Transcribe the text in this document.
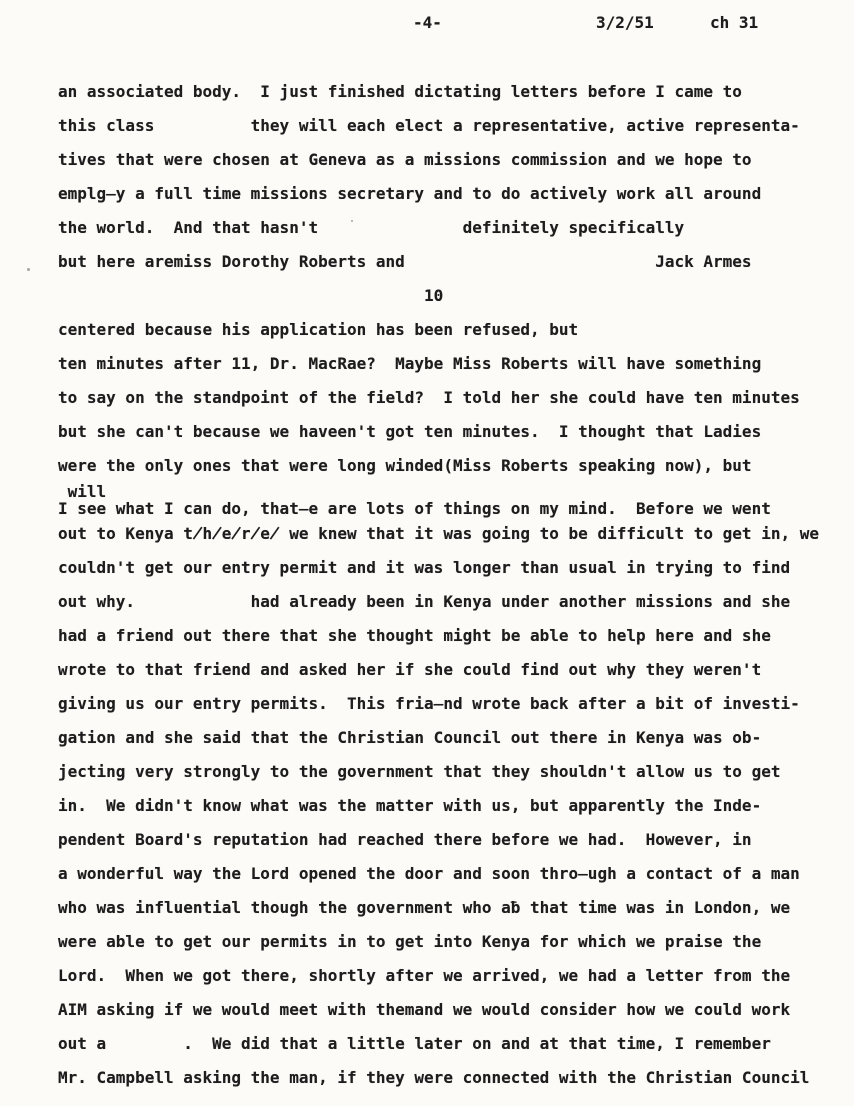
-4-	3/2/51	ch 31
an associated body.  I just finished dictating letters before I came to
this class          they will each elect a representative, active representa-
tives that were chosen at Geneva as a missions commission and we hope to
emplg̶y a full time missions secretary and to do actively work all around
the world.  And that hasn't               definitely specifically
but here aremiss Dorothy Roberts and                          Jack Armes
10
centered because his application has been refused, but
ten minutes after 11, Dr. MacRae?  Maybe Miss Roberts will have something
to say on the standpoint of the field?  I told her she could have ten minutes
but she can't because we haveen't got ten minutes.  I thought that Ladies
were the only ones that were long winded(Miss Roberts speaking now), but
will
I see what I can do, that̶e are lots of things on my mind.  Before we went
out to Kenya t̸h̸e̸r̸e̸ we knew that it was going to be difficult to get in, we
couldn't get our entry permit and it was longer than usual in trying to find
out why.            had already been in Kenya under another missions and she
had a friend out there that she thought might be able to help here and she
wrote to that friend and asked her if she could find out why they weren't
giving us our entry permits.  This fria̶nd wrote back after a bit of investi-
gation and she said that the Christian Council out there in Kenya was ob-
jecting very strongly to the government that they shouldn't allow us to get
in.  We didn't know what was the matter with us, but apparently the Inde-
pendent Board's reputation had reached there before we had.  However, in
a wonderful way the Lord opened the door and soon thro̶ugh a contact of a man
who was influential though the government who aƀ that time was in London, we
were able to get our permits in to get into Kenya for which we praise the
Lord.  When we got there, shortly after we arrived, we had a letter from the
AIM asking if we would meet with themand we would consider how we could work
out a        .  We did that a little later on and at that time, I remember
Mr. Campbell asking the man, if they were connected with the Christian Council
